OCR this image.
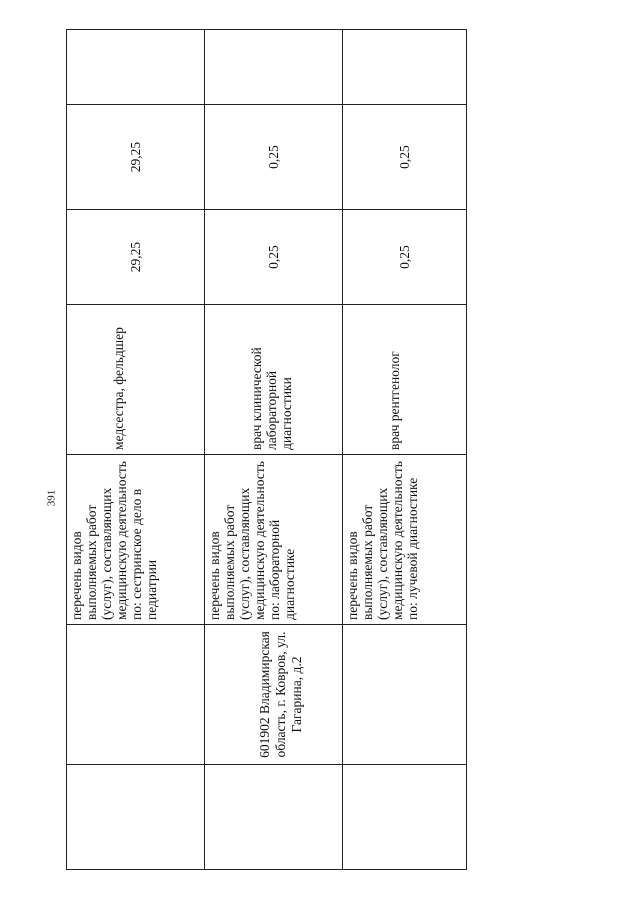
391

		перечень видов выполняемых работ (услуг), составляющих медицинскую деятельность по: сестринское дело в педиатрии	медсестра, фельдшер	29,25	29,25	

	601902 Владимирская область, г. Ковров, ул. Гагарина, д.2	перечень видов выполняемых работ (услуг), составляющих медицинскую деятельность по: лабораторной диагностике	врач клинической лабораторной диагностики	0,25	0,25	

		перечень видов выполняемых работ (услуг), составляющих медицинскую деятельность по: лучевой диагностике	врач рентгенолог	0,25	0,25	
